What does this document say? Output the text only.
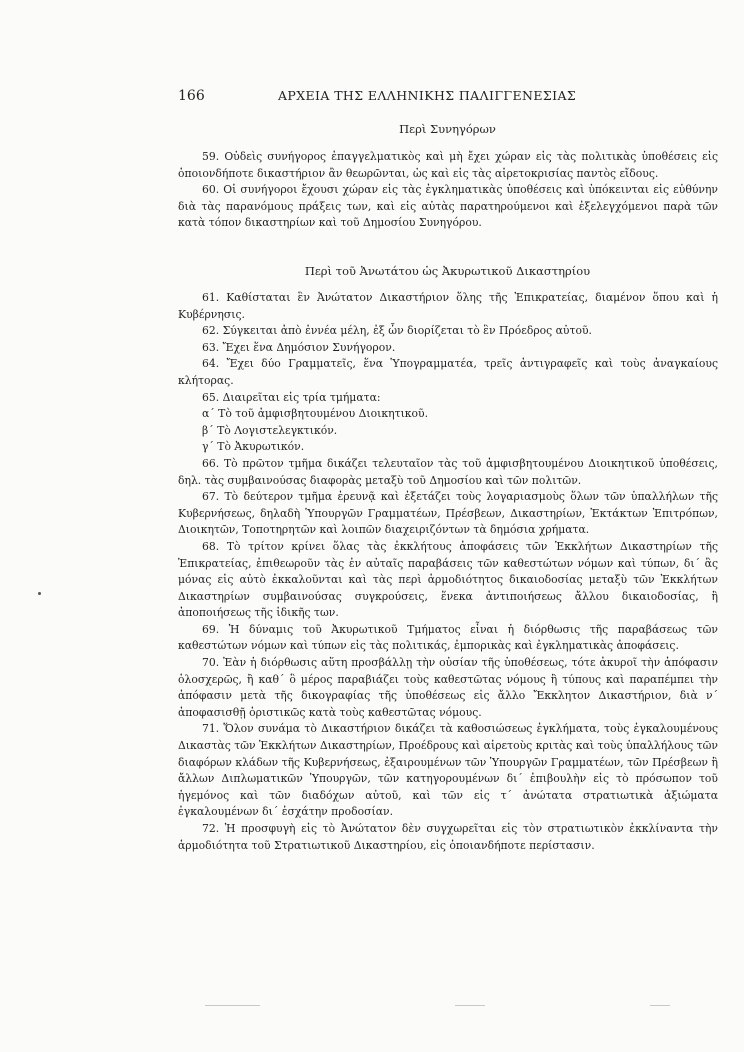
166	ΑΡΧΕΙΑ ΤΗΣ ΕΛΛΗΝΙΚΗΣ ΠΑΛΙΓΓΕΝΕΣΙΑΣ
Περὶ Συνηγόρων

59. Οὐδεὶς συνήγορος ἐπαγγελματικὸς καὶ μὴ ἔχει χώραν εἰς τὰς πολιτικὰς ὑποθέσεις εἰς ὁποιονδήποτε δικαστήριον ἂν θεωρῶνται, ὡς καὶ εἰς τὰς αἱρετοκρισίας παντὸς εἴδους.

60. Οἱ συνήγοροι ἔχουσι χώραν εἰς τὰς ἐγκληματικὰς ὑποθέσεις καὶ ὑπόκεινται εἰς εὐθύνην διὰ τὰς παρανόμους πράξεις των, καὶ εἰς αὐτὰς παρατηρούμενοι καὶ ἐξελεγχόμενοι παρὰ τῶν κατὰ τόπον δικαστηρίων καὶ τοῦ Δημοσίου Συνηγόρου.

Περὶ τοῦ Ἀνωτάτου ὡς Ἀκυρωτικοῦ Δικαστηρίου

61. Καθίσταται ἓν Ἀνώτατον Δικαστήριον ὅλης τῆς Ἐπικρατείας, διαμένον ὅπου καὶ ἡ Κυβέρνησις.

62. Σύγκειται ἀπὸ ἐννέα μέλη, ἐξ ὧν διορίζεται τὸ ἓν Πρόεδρος αὐτοῦ.

63. Ἔχει ἕνα Δημόσιον Συνήγορον.

64. Ἔχει δύο Γραμματεῖς, ἕνα Ὑπογραμματέα, τρεῖς ἀντιγραφεῖς καὶ τοὺς ἀναγκαίους κλήτορας.

65. Διαιρεῖται εἰς τρία τμήματα:

α΄ Τὸ τοῦ ἀμφισβητουμένου Διοικητικοῦ.

β΄ Τὸ Λογιστελεγκτικόν.

γ΄ Τὸ Ἀκυρωτικόν.

66. Τὸ πρῶτον τμῆμα δικάζει τελευταῖον τὰς τοῦ ἀμφισβητουμένου Διοικητικοῦ ὑποθέσεις, δηλ. τὰς συμβαινούσας διαφορὰς μεταξὺ τοῦ Δημοσίου καὶ τῶν πολιτῶν.

67. Τὸ δεύτερον τμῆμα ἐρευνᾷ καὶ ἐξετάζει τοὺς λογαριασμοὺς ὅλων τῶν ὑπαλλήλων τῆς Κυβερνήσεως, δηλαδὴ Ὑπουργῶν Γραμματέων, Πρέσβεων, Δικαστηρίων, Ἐκτάκτων Ἐπιτρόπων, Διοικητῶν, Τοποτηρητῶν καὶ λοιπῶν διαχειριζόντων τὰ δημόσια χρήματα.

68. Τὸ τρίτον κρίνει ὅλας τὰς ἐκκλήτους ἀποφάσεις τῶν Ἐκκλήτων Δικαστηρίων τῆς Ἐπικρατείας, ἐπιθεωροῦν τὰς ἐν αὐταῖς παραβάσεις τῶν καθεστώτων νόμων καὶ τύπων, δι΄ ἃς μόνας εἰς αὐτὸ ἐκκαλοῦνται καὶ τὰς περὶ ἁρμοδιότητος δικαιοδοσίας μεταξὺ τῶν Ἐκκλήτων Δικαστηρίων συμβαινούσας συγκρούσεις, ἕνεκα ἀντιποιήσεως ἄλλου δικαιοδοσίας, ἢ ἀποποιήσεως τῆς ἰδικῆς των.

69. Ἡ δύναμις τοῦ Ἀκυρωτικοῦ Τμήματος εἶναι ἡ διόρθωσις τῆς παραβάσεως τῶν καθεστώτων νόμων καὶ τύπων εἰς τὰς πολιτικάς, ἐμπορικὰς καὶ ἐγκληματικὰς ἀποφάσεις.

70. Ἐὰν ἡ διόρθωσις αὕτη προσβάλλῃ τὴν οὐσίαν τῆς ὑποθέσεως, τότε ἀκυροῖ τὴν ἀπόφασιν ὁλοσχερῶς, ἢ καθ΄ ὃ μέρος παραβιάζει τοὺς καθεστῶτας νόμους ἢ τύπους καὶ παραπέμπει τὴν ἀπόφασιν μετὰ τῆς δικογραφίας τῆς ὑποθέσεως εἰς ἄλλο Ἔκκλητον Δικαστήριον, διὰ ν΄ ἀποφασισθῇ ὁριστικῶς κατὰ τοὺς καθεστῶτας νόμους.

71. Ὅλον συνάμα τὸ Δικαστήριον δικάζει τὰ καθοσιώσεως ἐγκλήματα, τοὺς ἐγκαλουμένους Δικαστὰς τῶν Ἐκκλήτων Δικαστηρίων, Προέδρους καὶ αἱρετοὺς κριτὰς καὶ τοὺς ὑπαλλήλους τῶν διαφόρων κλάδων τῆς Κυβερνήσεως, ἐξαιρουμένων τῶν Ὑπουργῶν Γραμματέων, τῶν Πρέσβεων ἢ ἄλλων Διπλωματικῶν Ὑπουργῶν, τῶν κατηγορουμένων δι΄ ἐπιβουλὴν εἰς τὸ πρόσωπον τοῦ ἡγεμόνος καὶ τῶν διαδόχων αὐτοῦ, καὶ τῶν εἰς τ΄ ἀνώτατα στρατιωτικὰ ἀξιώματα ἐγκαλουμένων δι΄ ἐσχάτην προδοσίαν.

72. Ἡ προσφυγὴ εἰς τὸ Ἀνώτατον δὲν συγχωρεῖται εἰς τὸν στρατιωτικὸν ἐκκλίναντα τὴν ἁρμοδιότητα τοῦ Στρατιωτικοῦ Δικαστηρίου, εἰς ὁποιανδήποτε περίστασιν.
